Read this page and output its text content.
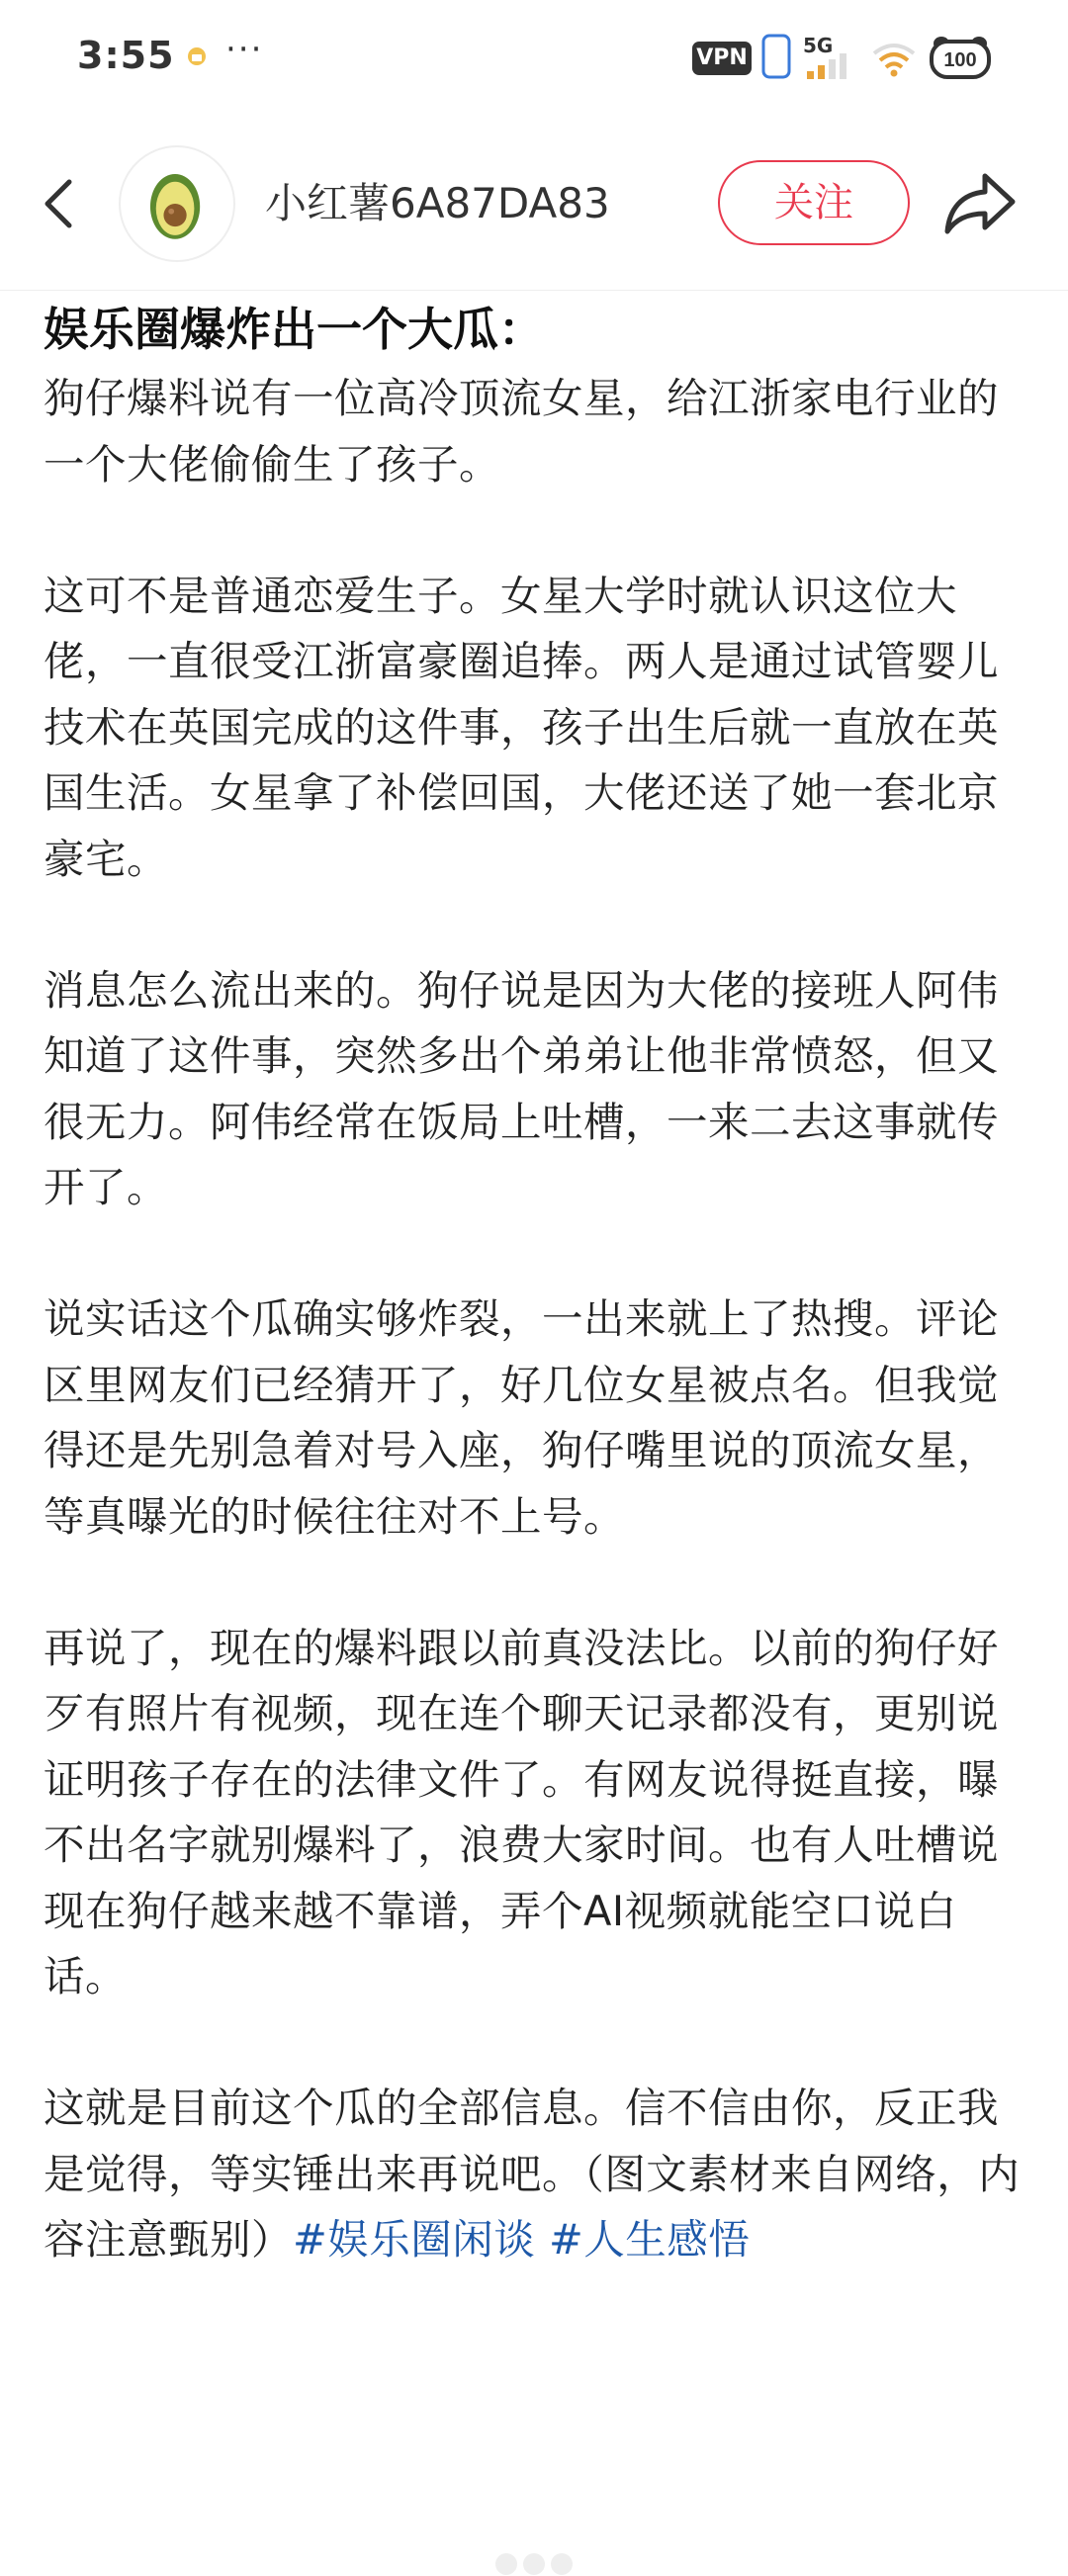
3:55 ···	VPN	5G
100
小红薯6A87DA83	关注
娱乐圈爆炸出一个大瓜：

狗仔爆料说有一位高冷顶流女星，给江浙家电行业的一个大佬偷偷生了孩子。

这可不是普通恋爱生子。女星大学时就认识这位大佬，一直很受江浙富豪圈追捧。两人是通过试管婴儿技术在英国完成的这件事，孩子出生后就一直放在英国生活。女星拿了补偿回国，大佬还送了她一套北京豪宅。

消息怎么流出来的。狗仔说是因为大佬的接班人阿伟知道了这件事，突然多出个弟弟让他非常愤怒，但又很无力。阿伟经常在饭局上吐槽，一来二去这事就传开了。

说实话这个瓜确实够炸裂，一出来就上了热搜。评论区里网友们已经猜开了，好几位女星被点名。但我觉得还是先别急着对号入座，狗仔嘴里说的顶流女星，等真曝光的时候往往对不上号。

再说了，现在的爆料跟以前真没法比。以前的狗仔好歹有照片有视频，现在连个聊天记录都没有，更别说证明孩子存在的法律文件了。有网友说得挺直接，曝不出名字就别爆料了，浪费大家时间。也有人吐槽说现在狗仔越来越不靠谱，弄个AI视频就能空口说白话。

这就是目前这个瓜的全部信息。信不信由你，反正我是觉得，等实锤出来再说吧。（图文素材来自网络，内容注意甄别）#娱乐圈闲谈 #人生感悟
